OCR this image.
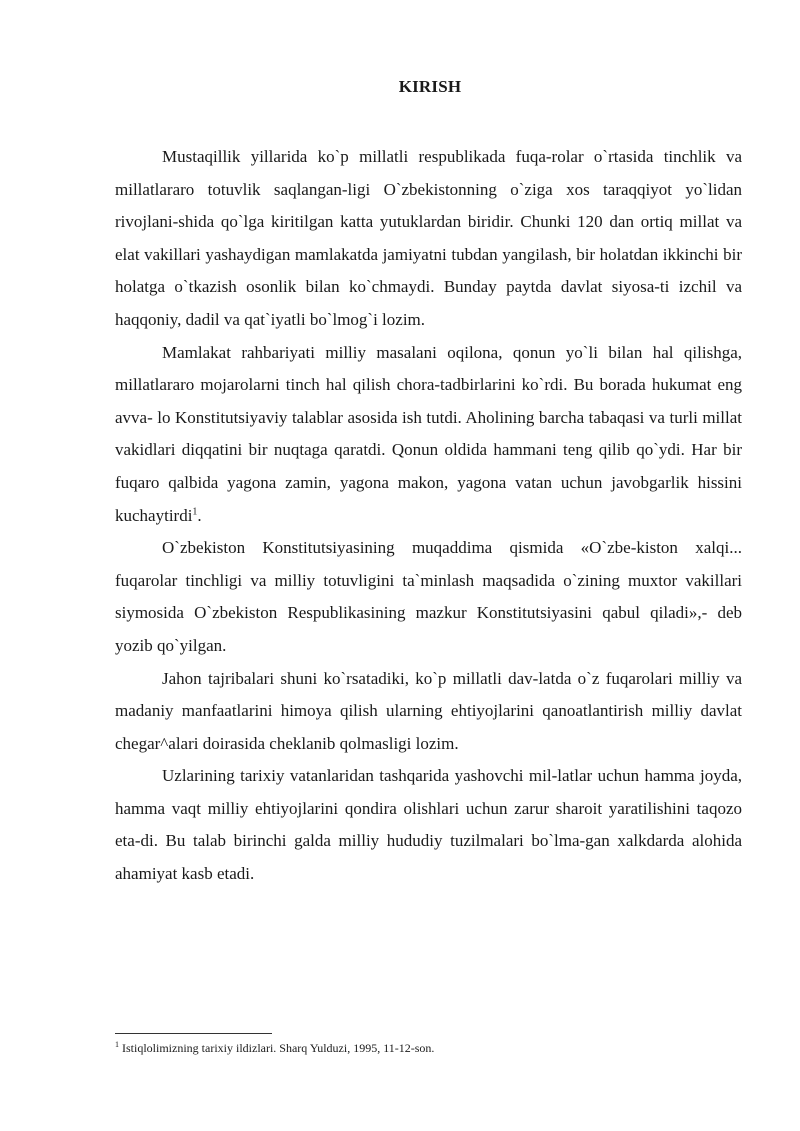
KIRISH

Mustaqillik yillarida ko`p millatli respublikada fuqa-rolar o`rtasida tinchlik va millatlararo totuvlik saqlangan-ligi O`zbekistonning o`ziga xos taraqqiyot yo`lidan rivojlani-shida qo`lga kiritilgan katta yutuklardan biridir. Chunki 120 dan ortiq millat va elat vakillari yashaydigan mamlakatda jamiyatni tubdan yangilash, bir holatdan ikkinchi bir holatga o`tkazish osonlik bilan ko`chmaydi. Bunday paytda davlat siyosa-ti izchil va haqqoniy, dadil va qat`iyatli bo`lmog`i lozim.

Mamlakat rahbariyati milliy masalani oqilona, qonun yo`li bilan hal qilishga, millatlararo mojarolarni tinch hal qilish chora-tadbirlarini ko`rdi. Bu borada hukumat eng avva- lo Konstitutsiyaviy talablar asosida ish tutdi. Aholining barcha tabaqasi va turli millat vakidlari diqqatini bir nuqtaga qaratdi. Qonun oldida hammani teng qilib qo`ydi. Har bir fuqaro qalbida yagona zamin, yagona makon, yagona vatan uchun javobgarlik hissini kuchaytirdi$^1$.

O`zbekiston Konstitutsiyasining muqaddima qismida «O`zbe-kiston xalqi... fuqarolar tinchligi va milliy totuvligini ta`minlash maqsadida o`zining muxtor vakillari siymosida O`zbekiston Respublikasining mazkur Konstitutsiyasini qabul qiladi»,- deb yozib qo`yilgan.

Jahon tajribalari shuni ko`rsatadiki, ko`p millatli dav-latda o`z fuqarolari milliy va madaniy manfaatlarini himoya qilish ularning ehtiyojlarini qanoatlantirish milliy davlat chegar^alari doirasida cheklanib qolmasligi lozim.

Uzlarining tarixiy vatanlaridan tashqarida yashovchi mil-latlar uchun hamma joyda, hamma vaqt milliy ehtiyojlarini qondira olishlari uchun zarur sharoit yaratilishini taqozo eta-di. Bu talab birinchi galda milliy hududiy tuzilmalari bo`lma-gan xalkdarda alohida ahamiyat kasb etadi.

$^1$ Istiqlolimizning tarixiy ildizlari. Sharq Yulduzi, 1995, 11-12-son.
